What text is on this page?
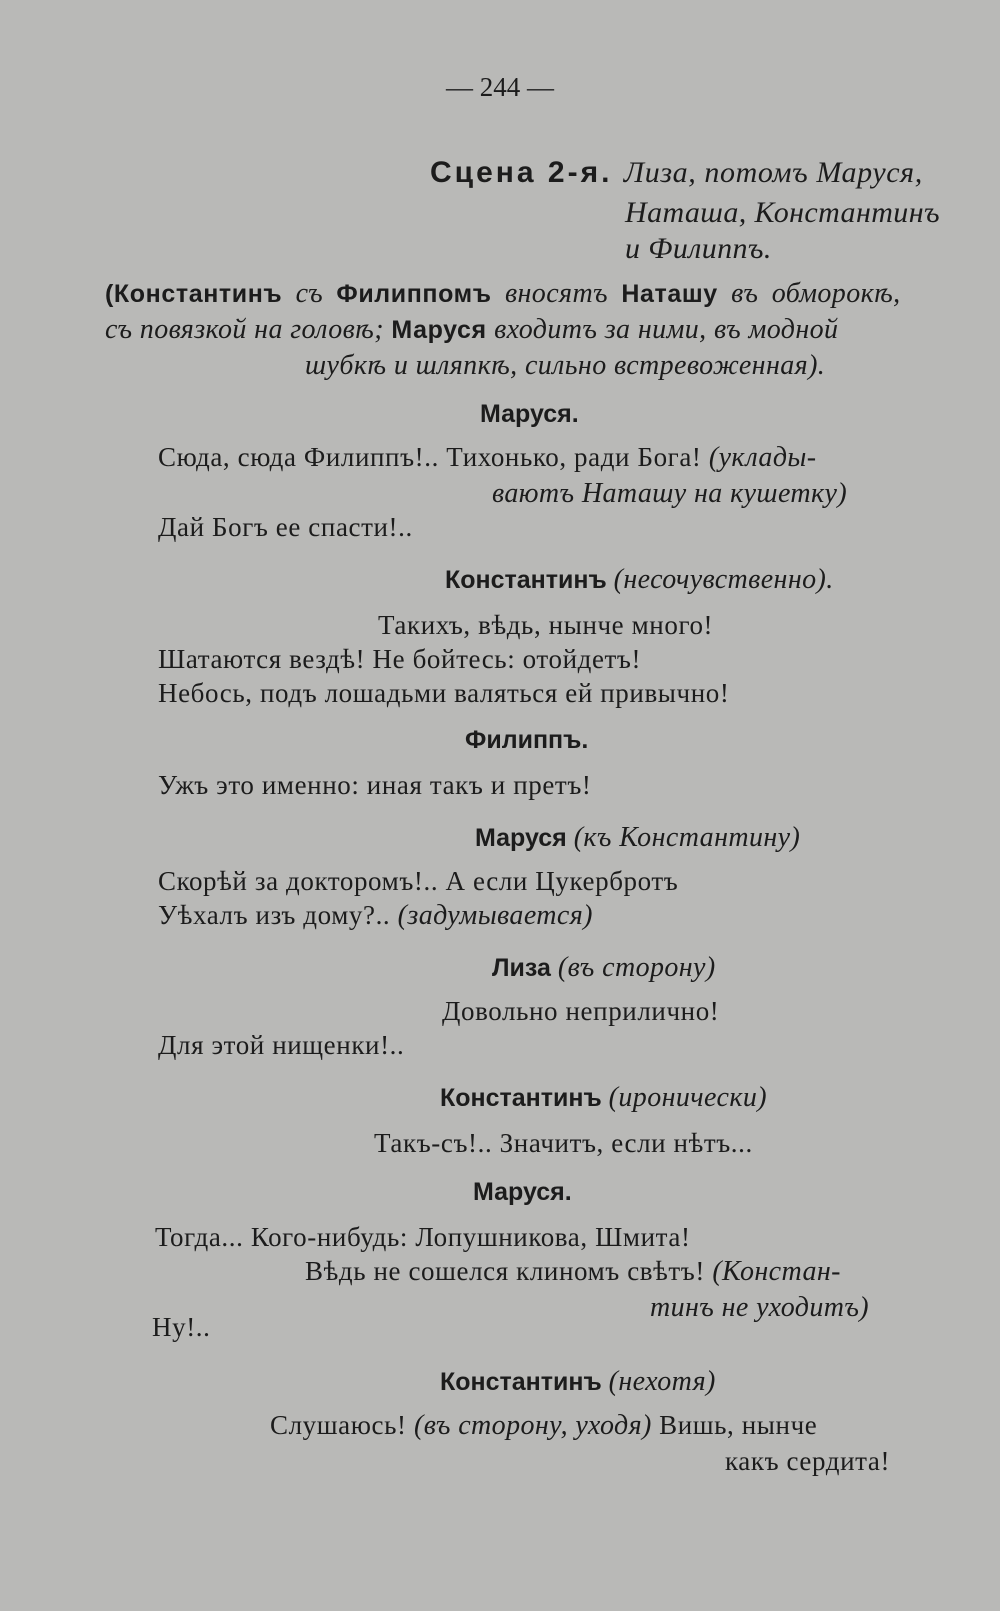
— 244 —
Сцена 2-я. Лиза, потомъ Маруся,
Наташа, Константинъ
и Филиппъ.
(Константинъ съ Филиппомъ вносятъ Наташу въ обморокѣ,
съ повязкой на головѣ; Маруся входитъ за ними, въ модной
шубкѣ и шляпкѣ, сильно встревоженная).
Маруся.
Сюда, сюда Филиппъ!.. Тихонько, ради Бога! (уклады-
ваютъ Наташу на кушетку)
Дай Богъ ее спасти!..
Константинъ (несочувственно).
Такихъ, вѣдь, нынче много!
Шатаются вездѣ! Не бойтесь: отойдетъ!
Небось, подъ лошадьми валяться ей привычно!
Филиппъ.
Ужъ это именно: иная такъ и претъ!
Маруся (къ Константину)
Скорѣй за докторомъ!.. А если Цукербротъ
Уѣхалъ изъ дому?.. (задумывается)
Лиза (въ сторону)
Довольно неприлично!
Для этой нищенки!..
Константинъ (иронически)
Такъ-съ!.. Значитъ, если нѣтъ...
Маруся.
Тогда... Кого-нибудь: Лопушникова, Шмита!
Вѣдь не сошелся клиномъ свѣтъ! (Констан-
тинъ не уходитъ)
Ну!..
Константинъ (нехотя)
Слушаюсь! (въ сторону, уходя) Вишь, нынче
какъ сердита!
